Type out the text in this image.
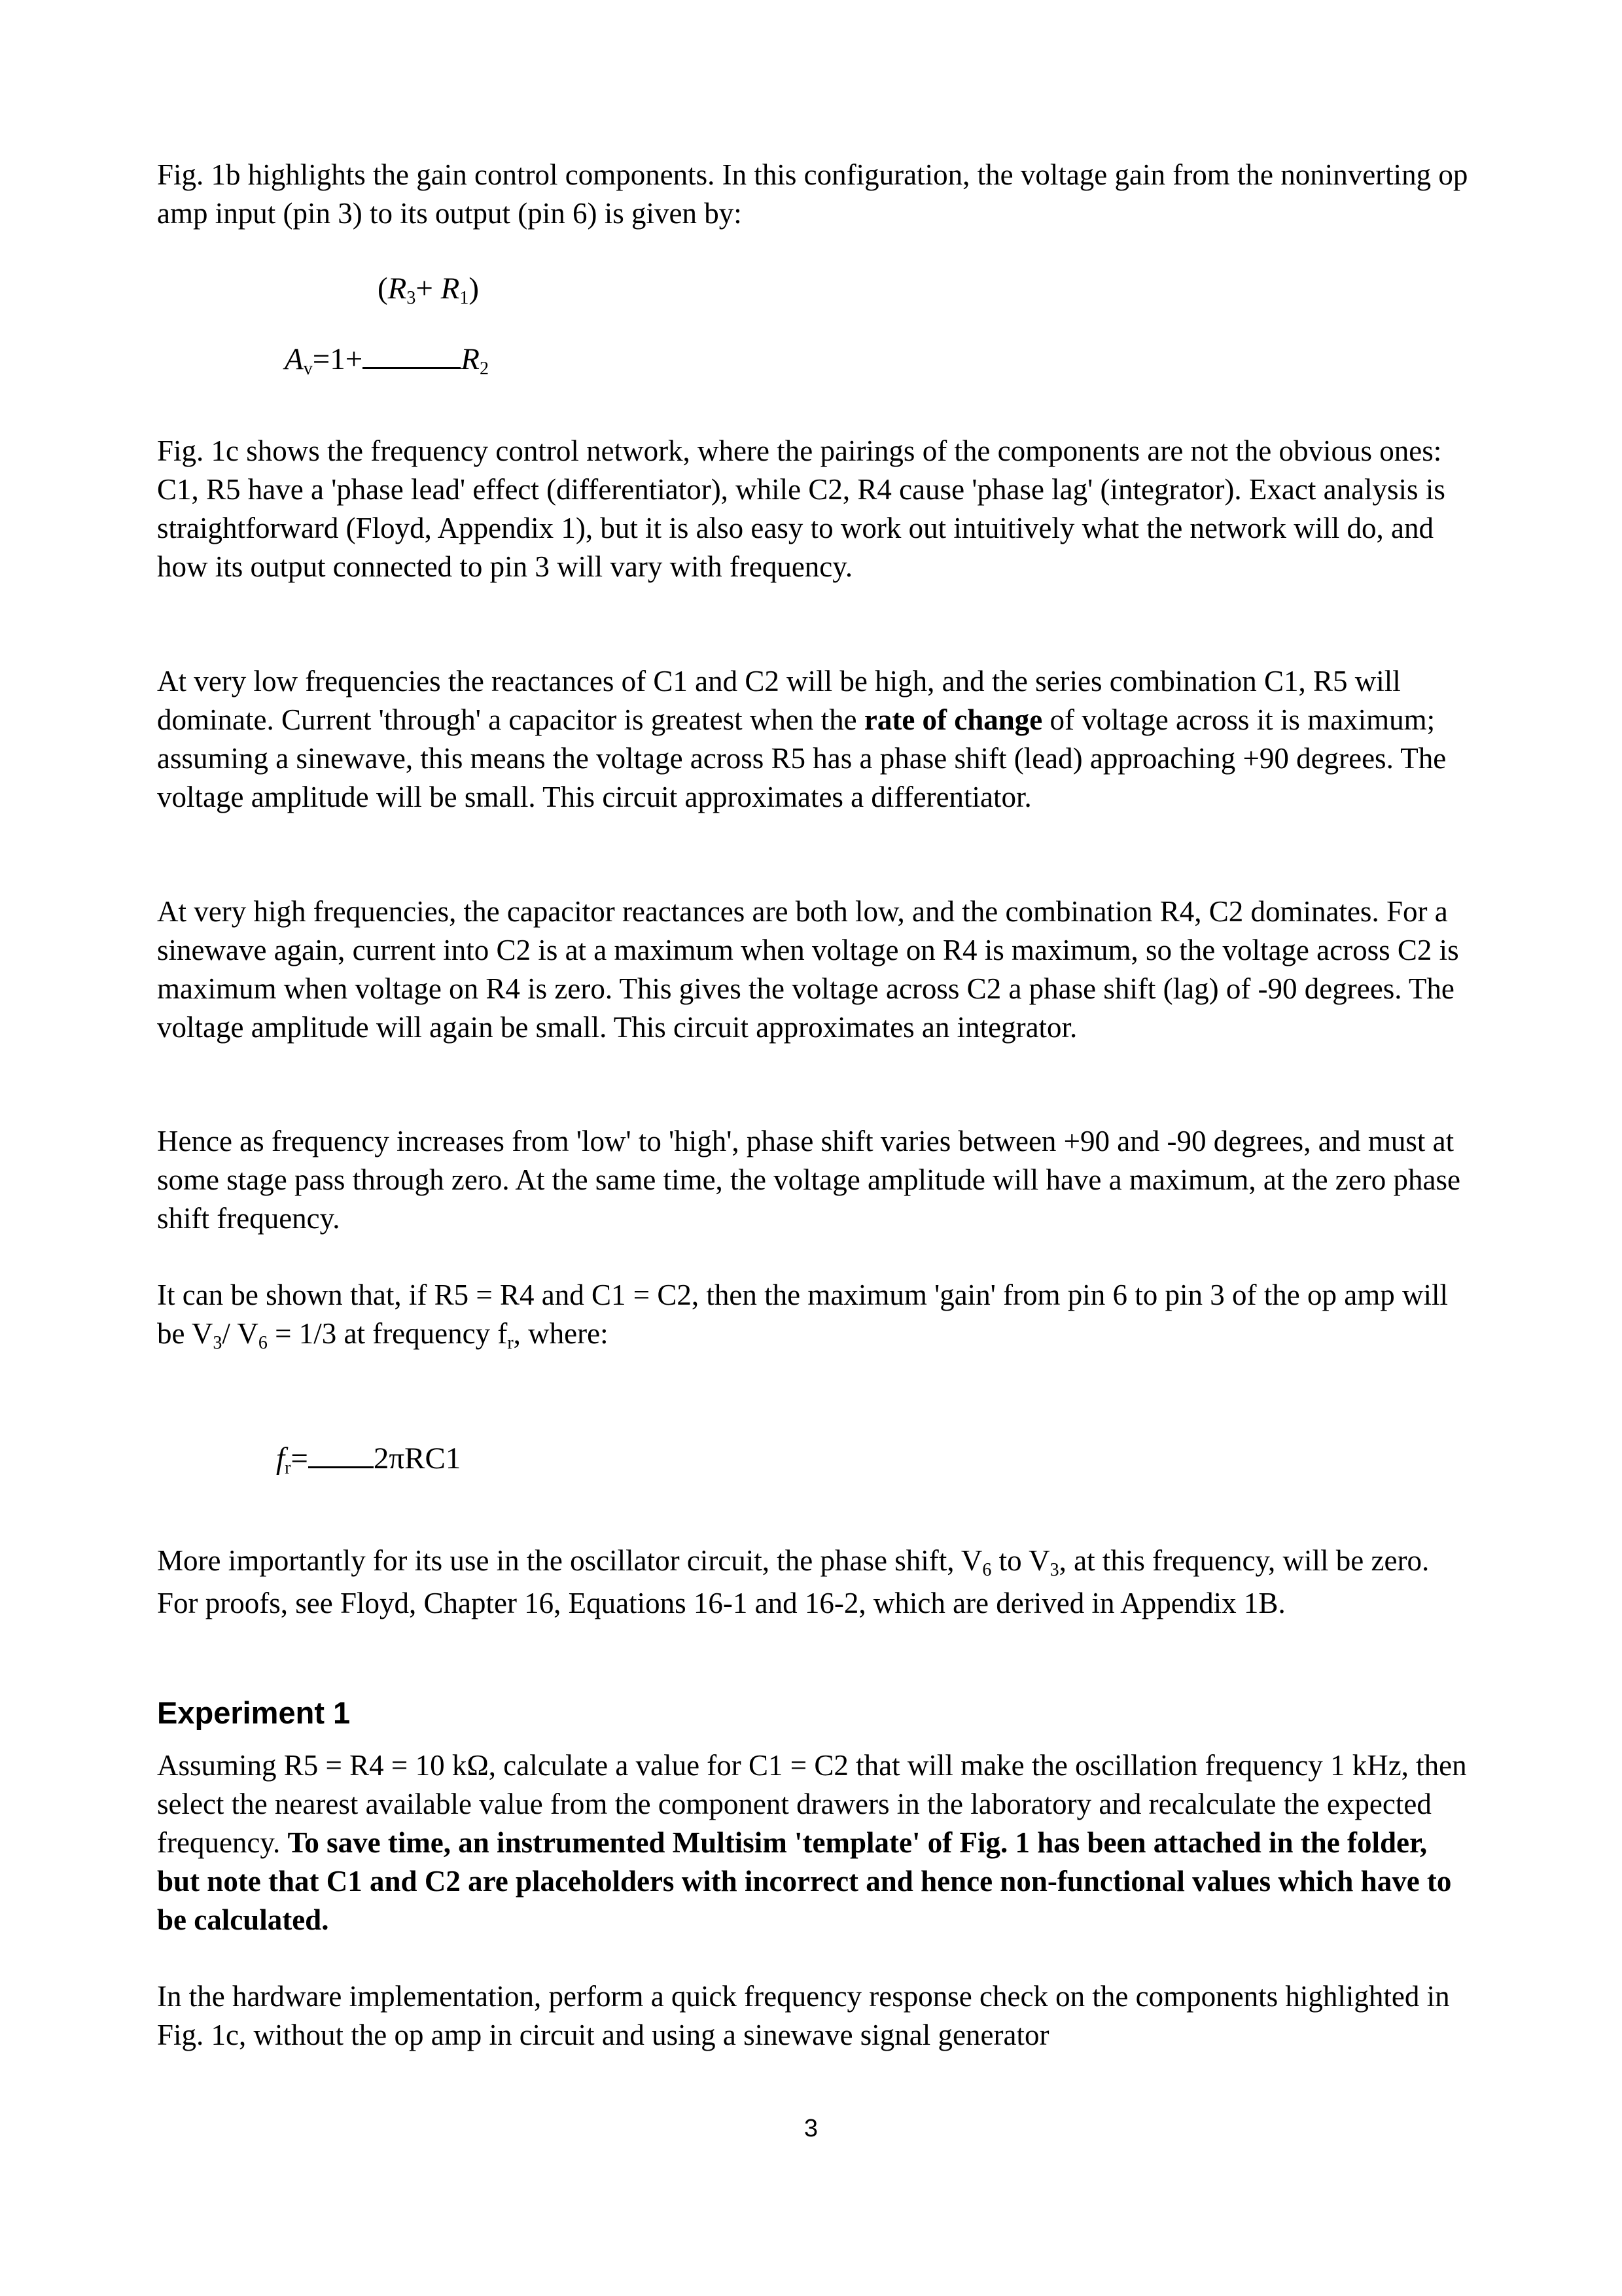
Fig. 1b highlights the gain control components. In this configuration, the voltage gain from the noninverting op amp input (pin 3) to its output (pin 6) is given by:

(R3+ R1)
Av=1+	R2

Fig. 1c shows the frequency control network, where the pairings of the components are not the obvious ones: C1, R5 have a 'phase lead' effect (differentiator), while C2, R4 cause 'phase lag' (integrator). Exact analysis is straightforward (Floyd, Appendix 1), but it is also easy to work out intuitively what the network will do, and how its output connected to pin 3 will vary with frequency.

At very low frequencies the reactances of C1 and C2 will be high, and the series combination C1, R5 will dominate. Current 'through' a capacitor is greatest when the rate of change of voltage across it is maximum; assuming a sinewave, this means the voltage across R5 has a phase shift (lead) approaching +90 degrees. The voltage amplitude will be small. This circuit approximates a differentiator.

At very high frequencies, the capacitor reactances are both low, and the combination R4, C2 dominates. For a sinewave again, current into C2 is at a maximum when voltage on R4 is maximum, so the voltage across C2 is maximum when voltage on R4 is zero. This gives the voltage across C2 a phase shift (lag) of -90 degrees. The voltage amplitude will again be small. This circuit approximates an integrator.

Hence as frequency increases from 'low' to 'high', phase shift varies between +90 and -90 degrees, and must at some stage pass through zero. At the same time, the voltage amplitude will have a maximum, at the zero phase shift frequency.

It can be shown that, if R5 = R4 and C1 = C2, then the maximum 'gain' from pin 6 to pin 3 of the op amp will be V3/ V6 = 1/3 at frequency fr, where:

fr= 2πRC1

More importantly for its use in the oscillator circuit, the phase shift, V6 to V3, at this frequency, will be zero. For proofs, see Floyd, Chapter 16, Equations 16-1 and 16-2, which are derived in Appendix 1B.

Experiment 1

Assuming R5 = R4 = 10 kΩ, calculate a value for C1 = C2 that will make the oscillation frequency 1 kHz, then select the nearest available value from the component drawers in the laboratory and recalculate the expected frequency. To save time, an instrumented Multisim 'template' of Fig. 1 has been attached in the folder, but note that C1 and C2 are placeholders with incorrect and hence non-functional values which have to be calculated.

In the hardware implementation, perform a quick frequency response check on the components highlighted in Fig. 1c, without the op amp in circuit and using a sinewave signal generator

3
